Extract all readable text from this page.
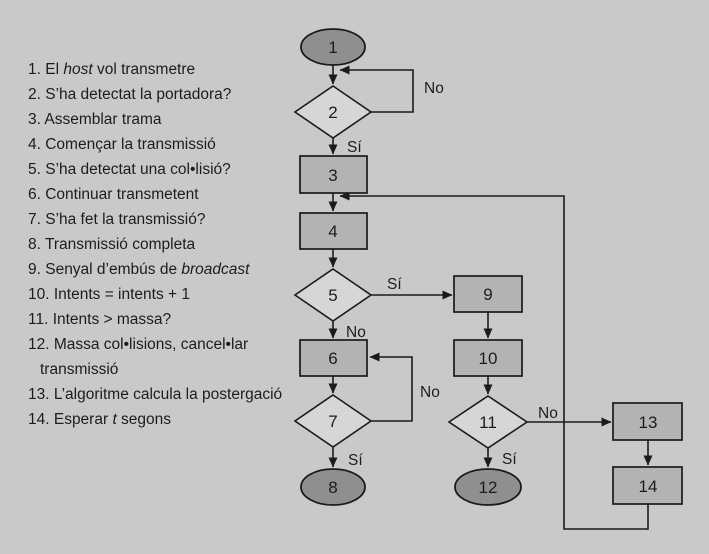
1. El host vol transmetre
2. S’ha detectat la portadora?
3. Assemblar trama
4. Començar la transmissió
5. S’ha detectat una col•lisió?
6. Continuar transmetent
7. S’ha fet la transmissió?
8. Transmissió completa
9. Senyal d’embús de broadcast
10. Intents = intents + 1
11. Intents > massa?
12. Massa col•lisions, cancel•lar transmissió
13. L’algoritme calcula la postergació
14. Esperar t segons
1
2
3
4
5
6
7
8
9
10
11
12
13
14
Sí
No
Sí
No
No
Sí	Sí
No
